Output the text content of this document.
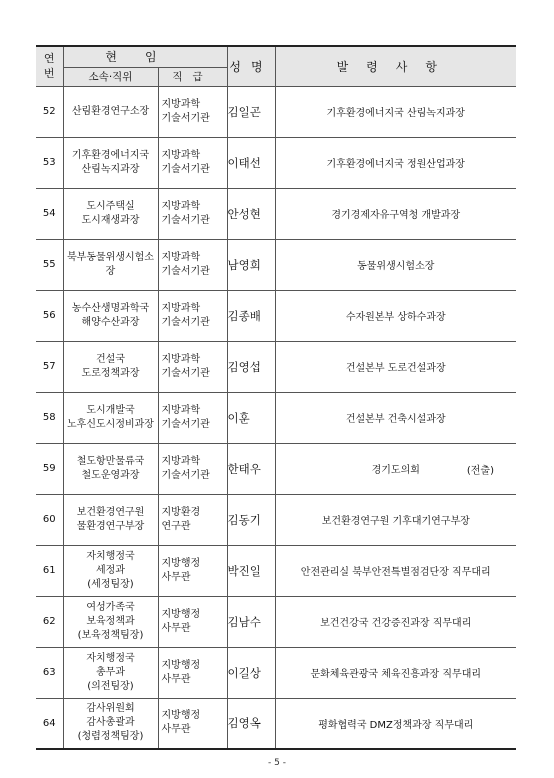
연
번	현임		성명	발령사항
	소속·직위	직급		
52	산림환경연구소장	지방과학
기술서기관	김일곤	기후환경에너지국 산림녹지과장
53	기후환경에너지국
산림녹지과장	지방과학
기술서기관	이태선	기후환경에너지국 정원산업과장
54	도시주택실
도시재생과장	지방과학
기술서기관	안성현	경기경제자유구역청 개발과장
55	북부동물위생시험소장	지방과학
기술서기관	남영희	동물위생시험소장
56	농수산생명과학국
해양수산과장	지방과학
기술서기관	김종배	수자원본부 상하수과장
57	건설국
도로정책과장	지방과학
기술서기관	김영섭	건설본부 도로건설과장
58	도시개발국
노후신도시정비과장	지방과학
기술서기관	이훈	건설본부 건축시설과장
59	철도항만물류국
철도운영과장	지방과학
기술서기관	한태우	경기도의회 (전출)

60	보건환경연구원
물환경연구부장	지방환경
연구관	김동기	보건환경연구원 기후대기연구부장
61	자치행정국
세정과
(세정팀장)	지방행정
사무관	박진일	안전관리실 북부안전특별점검단장 직무대리
62	여성가족국
보육정책과
(보육정책팀장)	지방행정
사무관	김남수	보건건강국 건강증진과장 직무대리
63	자치행정국
총무과
(의전팀장)	지방행정
사무관	이길상	문화체육관광국 체육진흥과장 직무대리
64	감사위원회
감사총괄과
(청렴정책팀장)	지방행정
사무관	김영옥	평화협력국 DMZ정책과장 직무대리
- 5 -
